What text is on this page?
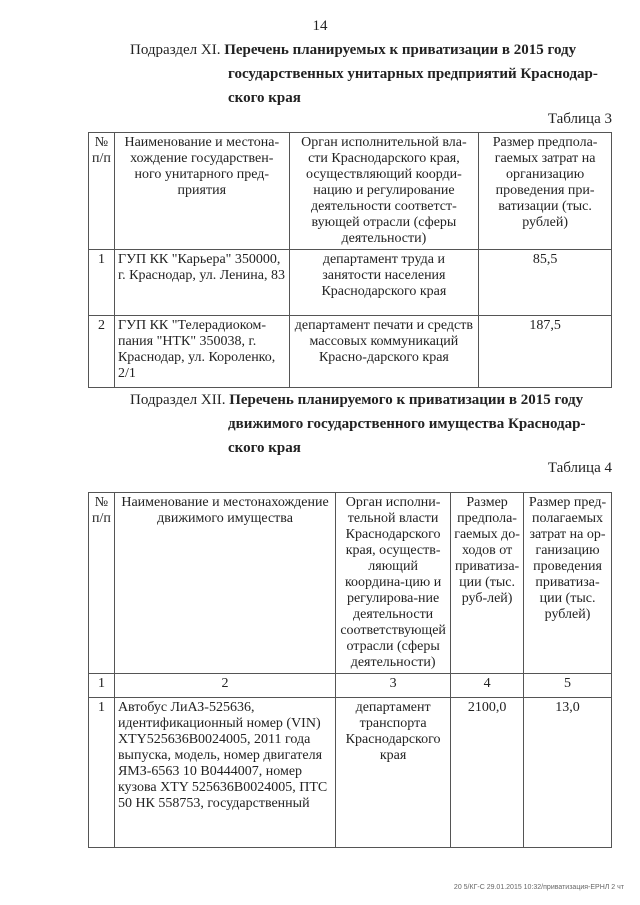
14
Подраздел XI. Перечень планируемых к приватизации в 2015 году
государственных унитарных предприятий Краснодар-
ского края
Таблица 3
№ п/п	Наименование и местона-хождение государствен-ного унитарного пред-приятия	Орган исполнительной вла-сти Краснодарского края, осуществляющий коорди-нацию и регулирование деятельности соответст-вующей отрасли (сферы деятельности)	Размер предпола-гаемых затрат на организацию проведения при-ватизации (тыс. рублей)
1	ГУП КК "Карьера" 350000, г. Краснодар, ул. Ленина, 83	департамент труда и занятости населения Краснодарского края	85,5
2	ГУП КК "Телерадиоком-пания "НТК" 350038, г. Краснодар, ул. Короленко, 2/1	департамент печати и средств массовых коммуникаций Красно-дарского края	187,5
Подраздел XII. Перечень планируемого к приватизации в 2015 году
движимого государственного имущества Краснодар-
ского края
Таблица 4
№ п/п	Наименование и местонахождение движимого имущества	Орган исполни-тельной власти Краснодарского края, осуществ-ляющий координа-цию и регулирова-ние деятельности соответствующей отрасли (сферы деятельности)	Размер предпола-гаемых до-ходов от приватиза-ции (тыс. руб-лей)	Размер пред-полагаемых затрат на ор-ганизацию проведения приватиза-ции (тыс. рублей)
1	2	3	4	5
1	Автобус ЛиАЗ-525636, идентификационный номер (VIN) XTY525636B0024005, 2011 года выпуска, модель, номер двигателя ЯМЗ-6563 10 В0444007, номер кузова XTY 525636B0024005, ПТС 50 НК 558753, государственный	департамент транспорта Краснодарского края	2100,0	13,0
20 5/КГ-С 29.01.2015 10:32/приватизация-ЕРНЛ 2 чт
